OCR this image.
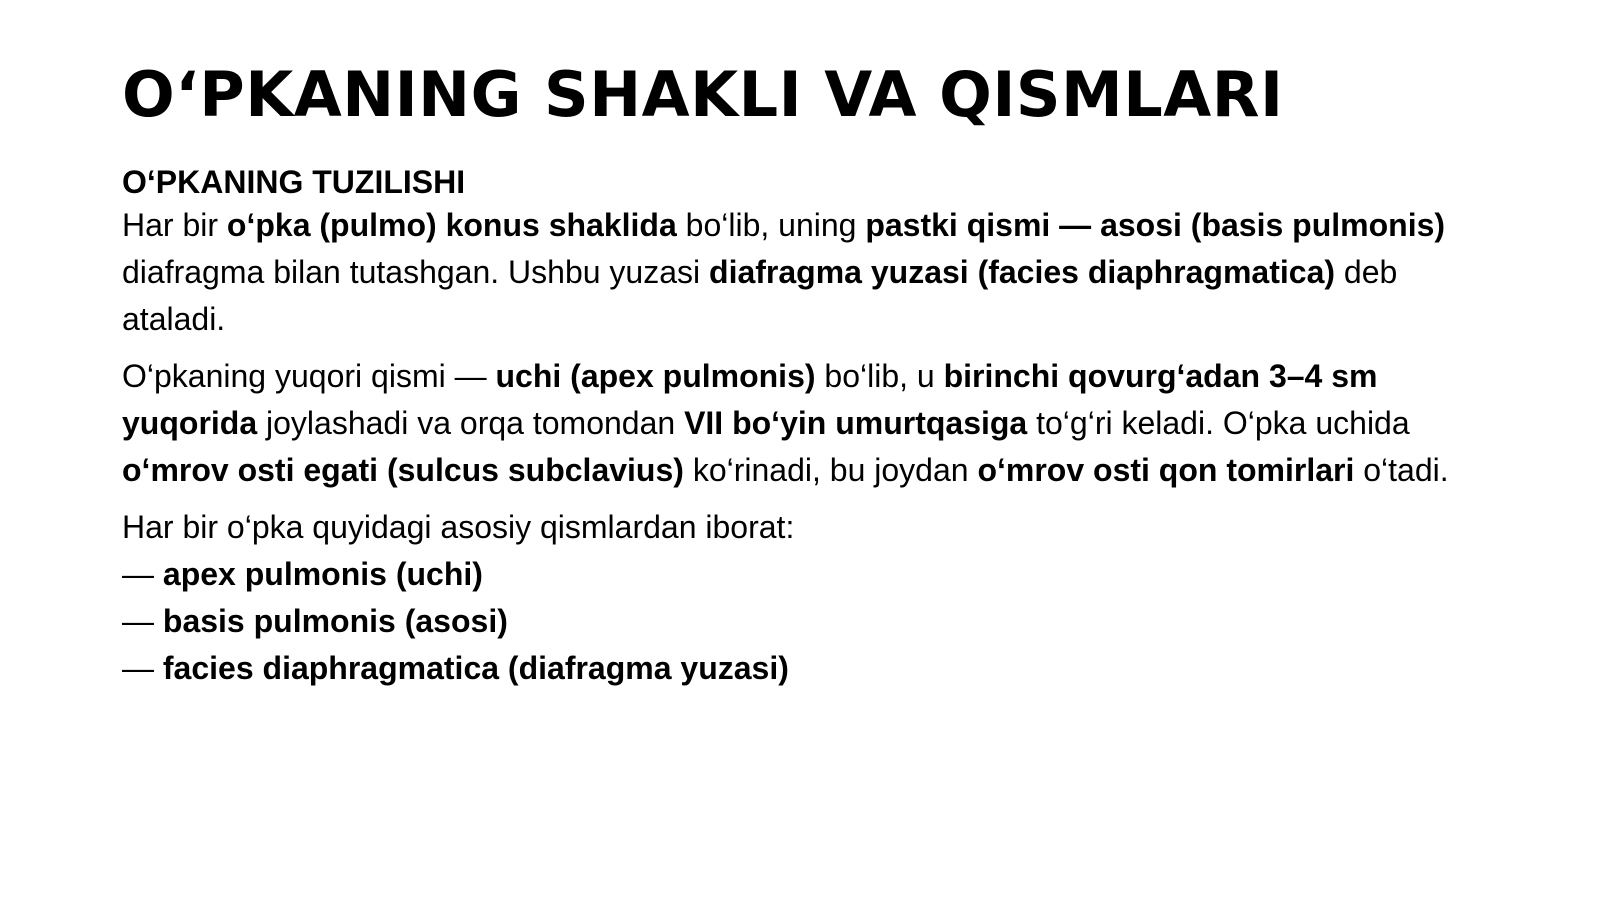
O‘PKANING SHAKLI VA QISMLARI
O‘PKANING TUZILISHI

Har bir o‘pka (pulmo) konus shaklida bo‘lib, uning pastki qismi — asosi (basis pulmonis) diafragma bilan tutashgan. Ushbu yuzasi diafragma yuzasi (facies diaphragmatica) deb ataladi.

O‘pkaning yuqori qismi — uchi (apex pulmonis) bo‘lib, u birinchi qovurg‘adan 3–4 sm yuqorida joylashadi va orqa tomondan VII bo‘yin umurtqasiga to‘g‘ri keladi. O‘pka uchida o‘mrov osti egati (sulcus subclavius) ko‘rinadi, bu joydan o‘mrov osti qon tomirlari o‘tadi.

Har bir o‘pka quyidagi asosiy qismlardan iborat:
— apex pulmonis (uchi)
— basis pulmonis (asosi)
— facies diaphragmatica (diafragma yuzasi)
